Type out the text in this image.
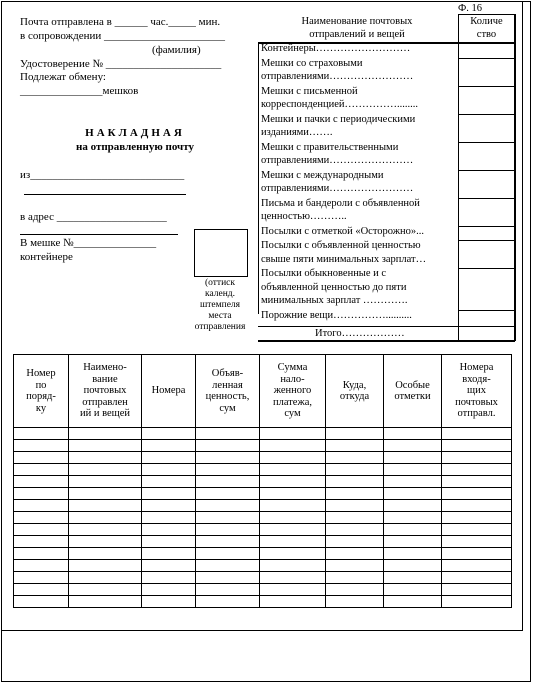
Почта отправлена в ______ час._____ мин.
в сопровождении ______________________
(фамилия)
Удостоверение № _____________________
Подлежат обмену:
_______________мешков
НАКЛАДНАЯ
на отправленную почту
из____________________________
в адрес ____________________
В мешке №_______________
контейнере
(оттиск
календ.
штемпеля
места
отправления
Ф. 16
Наименование почтовых
отправлений и вещей
Количе
ство
Контейнеры………………………
Мешки со страховыми
отправлениями……………………
Мешки с письменной
корреспонденцией……………........
Мешки и пачки с периодическими
изданиями…….
Мешки с правительственными
отправлениями……………………
Мешки с международными
отправлениями……………………
Письма и бандероли с объявленной
ценностью………..
Посылки с отметкой «Осторожно»...
Посылки с объявленной ценностью
свыше пяти минимальных зарплат…
Посылки обыкновенные и с
объявленной ценностью до пяти
минимальных зарплат ………….
Порожние вещи……………..........
Итого………………
Номер
по
поряд-
ку	Наимено-
вание
почтовых
отправлен
ий и вещей	Номера	Объяв-
ленная
ценность,
сум	Сумма
нало-
женного
платежа,
сум	Куда,
откуда	Особые
отметки	Номера
входя-
щих
почтовых
отправл.
